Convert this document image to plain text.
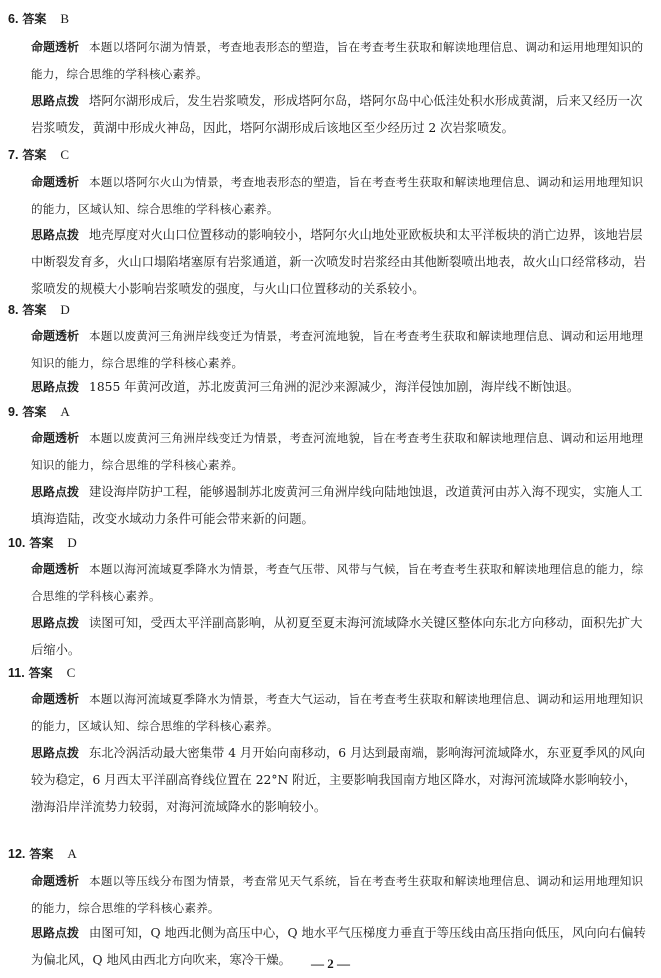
6. 答案 B
命题透析 本题以塔阿尔湖为情景，考查地表形态的塑造，旨在考查考生获取和解读地理信息、调动和运用地理知识的能力，综合思维的学科核心素养。
思路点拨 塔阿尔湖形成后，发生岩浆喷发，形成塔阿尔岛，塔阿尔岛中心低洼处积水形成黄湖，后来又经历一次岩浆喷发，黄湖中形成火神岛，因此，塔阿尔湖形成后该地区至少经历过 2 次岩浆喷发。
7. 答案 C
命题透析 本题以塔阿尔火山为情景，考查地表形态的塑造，旨在考查考生获取和解读地理信息、调动和运用地理知识的能力，区域认知、综合思维的学科核心素养。
思路点拨 地壳厚度对火山口位置移动的影响较小，塔阿尔火山地处亚欧板块和太平洋板块的消亡边界，该地岩层中断裂发育多，火山口塌陷堵塞原有岩浆通道，新一次喷发时岩浆经由其他断裂喷出地表，故火山口经常移动，岩浆喷发的规模大小影响岩浆喷发的强度，与火山口位置移动的关系较小。
8. 答案 D
命题透析 本题以废黄河三角洲岸线变迁为情景，考查河流地貌，旨在考查考生获取和解读地理信息、调动和运用地理知识的能力，综合思维的学科核心素养。
思路点拨 1855 年黄河改道，苏北废黄河三角洲的泥沙来源减少，海洋侵蚀加剧，海岸线不断蚀退。
9. 答案 A
命题透析 本题以废黄河三角洲岸线变迁为情景，考查河流地貌，旨在考查考生获取和解读地理信息、调动和运用地理知识的能力，综合思维的学科核心素养。
思路点拨 建设海岸防护工程，能够遏制苏北废黄河三角洲岸线向陆地蚀退，改道黄河由苏入海不现实，实施人工填海造陆，改变水域动力条件可能会带来新的问题。
10. 答案 D
命题透析 本题以海河流域夏季降水为情景，考查气压带、风带与气候，旨在考查考生获取和解读地理信息的能力，综合思维的学科核心素养。
思路点拨 读图可知，受西太平洋副高影响，从初夏至夏末海河流域降水关键区整体向东北方向移动，面积先扩大后缩小。
11. 答案 C
命题透析 本题以海河流域夏季降水为情景，考查大气运动，旨在考查考生获取和解读地理信息、调动和运用地理知识的能力，区域认知、综合思维的学科核心素养。
思路点拨 东北冷涡活动最大密集带 4 月开始向南移动，6 月达到最南端，影响海河流域降水，东亚夏季风的风向较为稳定，6 月西太平洋副高脊线位置在 22°N 附近，主要影响我国南方地区降水，对海河流域降水影响较小，渤海沿岸洋流势力较弱，对海河流域降水的影响较小。
12. 答案 A
命题透析 本题以等压线分布图为情景，考查常见天气系统，旨在考查考生获取和解读地理信息、调动和运用地理知识的能力，综合思维的学科核心素养。
思路点拨 由图可知，Q 地西北侧为高压中心，Q 地水平气压梯度力垂直于等压线由高压指向低压，风向向右偏转为偏北风，Q 地风由西北方向吹来，寒冷干燥。	— 2 —
